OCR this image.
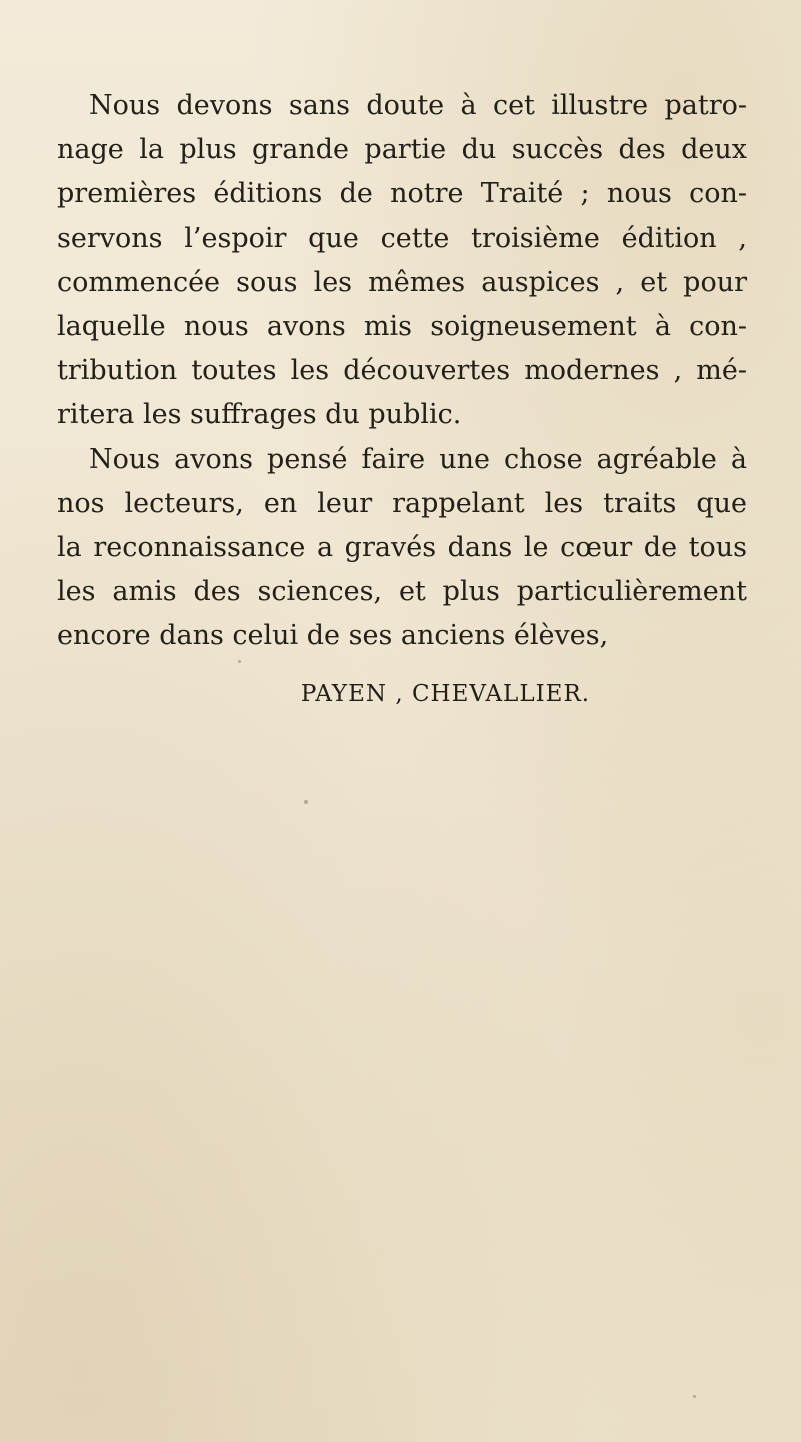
Nous devons sans doute à cet illustre patro-
nage la plus grande partie du succès des deux
premières éditions de notre Traité ; nous con-
servons l’espoir que cette troisième édition ,
commencée sous les mêmes auspices , et pour
laquelle nous avons mis soigneusement à con-
tribution toutes les découvertes modernes , mé-
ritera les suffrages du public.
Nous avons pensé faire une chose agréable à
nos lecteurs, en leur rappelant les traits que
la reconnaissance a gravés dans le cœur de tous
les amis des sciences, et plus particulièrement
encore dans celui de ses anciens élèves,
PAYEN , CHEVALLIER.
